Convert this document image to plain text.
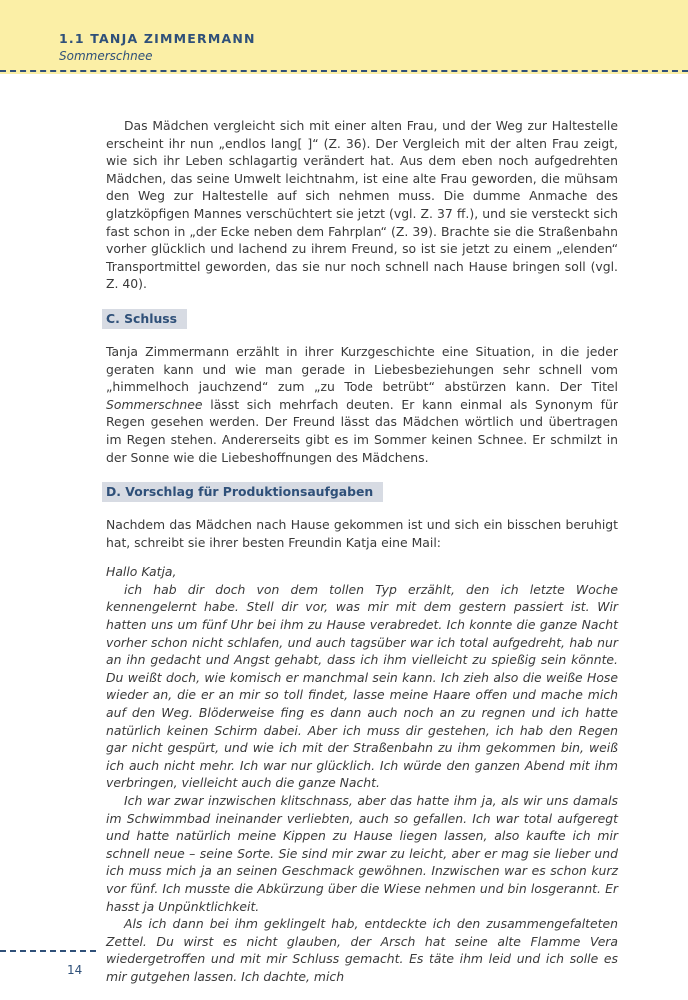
1.1 TANJA ZIMMERMANN
Sommerschnee

Das Mädchen vergleicht sich mit einer alten Frau, und der Weg zur Haltestelle erscheint ihr nun „endlos lang[ ]“ (Z. 36). Der Vergleich mit der alten Frau zeigt, wie sich ihr Leben schlagartig verändert hat. Aus dem eben noch aufgedrehten Mädchen, das seine Umwelt leichtnahm, ist eine alte Frau geworden, die mühsam den Weg zur Haltestelle auf sich nehmen muss. Die dumme Anmache des glatzköpfigen Mannes verschüchtert sie jetzt (vgl. Z. 37 ff.), und sie versteckt sich fast schon in „der Ecke neben dem Fahrplan“ (Z. 39). Brachte sie die Straßenbahn vorher glücklich und lachend zu ihrem Freund, so ist sie jetzt zu einem „elenden“ Transportmittel geworden, das sie nur noch schnell nach Hause bringen soll (vgl. Z. 40).

C. Schluss

Tanja Zimmermann erzählt in ihrer Kurzgeschichte eine Situation, in die jeder geraten kann und wie man gerade in Liebesbeziehungen sehr schnell vom „himmelhoch jauchzend“ zum „zu Tode betrübt“ abstürzen kann. Der Titel Sommerschnee lässt sich mehrfach deuten. Er kann einmal als Synonym für Regen gesehen werden. Der Freund lässt das Mädchen wörtlich und übertragen im Regen stehen. Andererseits gibt es im Sommer keinen Schnee. Er schmilzt in der Sonne wie die Liebeshoffnungen des Mädchens.

D. Vorschlag für Produktionsaufgaben

Nachdem das Mädchen nach Hause gekommen ist und sich ein bisschen beruhigt hat, schreibt sie ihrer besten Freundin Katja eine Mail:

Hallo Katja,

ich hab dir doch von dem tollen Typ erzählt, den ich letzte Woche kennengelernt habe. Stell dir vor, was mir mit dem gestern passiert ist. Wir hatten uns um fünf Uhr bei ihm zu Hause verabredet. Ich konnte die ganze Nacht vorher schon nicht schlafen, und auch tagsüber war ich total aufgedreht, hab nur an ihn gedacht und Angst gehabt, dass ich ihm vielleicht zu spießig sein könnte. Du weißt doch, wie komisch er manchmal sein kann. Ich zieh also die weiße Hose wieder an, die er an mir so toll findet, lasse meine Haare offen und mache mich auf den Weg. Blöderweise fing es dann auch noch an zu regnen und ich hatte natürlich keinen Schirm dabei. Aber ich muss dir gestehen, ich hab den Regen gar nicht gespürt, und wie ich mit der Straßenbahn zu ihm gekommen bin, weiß ich auch nicht mehr. Ich war nur glücklich. Ich würde den ganzen Abend mit ihm verbringen, vielleicht auch die ganze Nacht.

Ich war zwar inzwischen klitschnass, aber das hatte ihm ja, als wir uns damals im Schwimmbad ineinander verliebten, auch so gefallen. Ich war total aufgeregt und hatte natürlich meine Kippen zu Hause liegen lassen, also kaufte ich mir schnell neue – seine Sorte. Sie sind mir zwar zu leicht, aber er mag sie lieber und ich muss mich ja an seinen Geschmack gewöhnen. Inzwischen war es schon kurz vor fünf. Ich musste die Abkürzung über die Wiese nehmen und bin losgerannt. Er hasst ja Unpünktlichkeit.

Als ich dann bei ihm geklingelt hab, entdeckte ich den zusammengefalteten Zettel. Du wirst es nicht glauben, der Arsch hat seine alte Flamme Vera wiedergetroffen und mit mir Schluss gemacht. Es täte ihm leid und ich solle es mir gutgehen lassen. Ich dachte, mich

14
